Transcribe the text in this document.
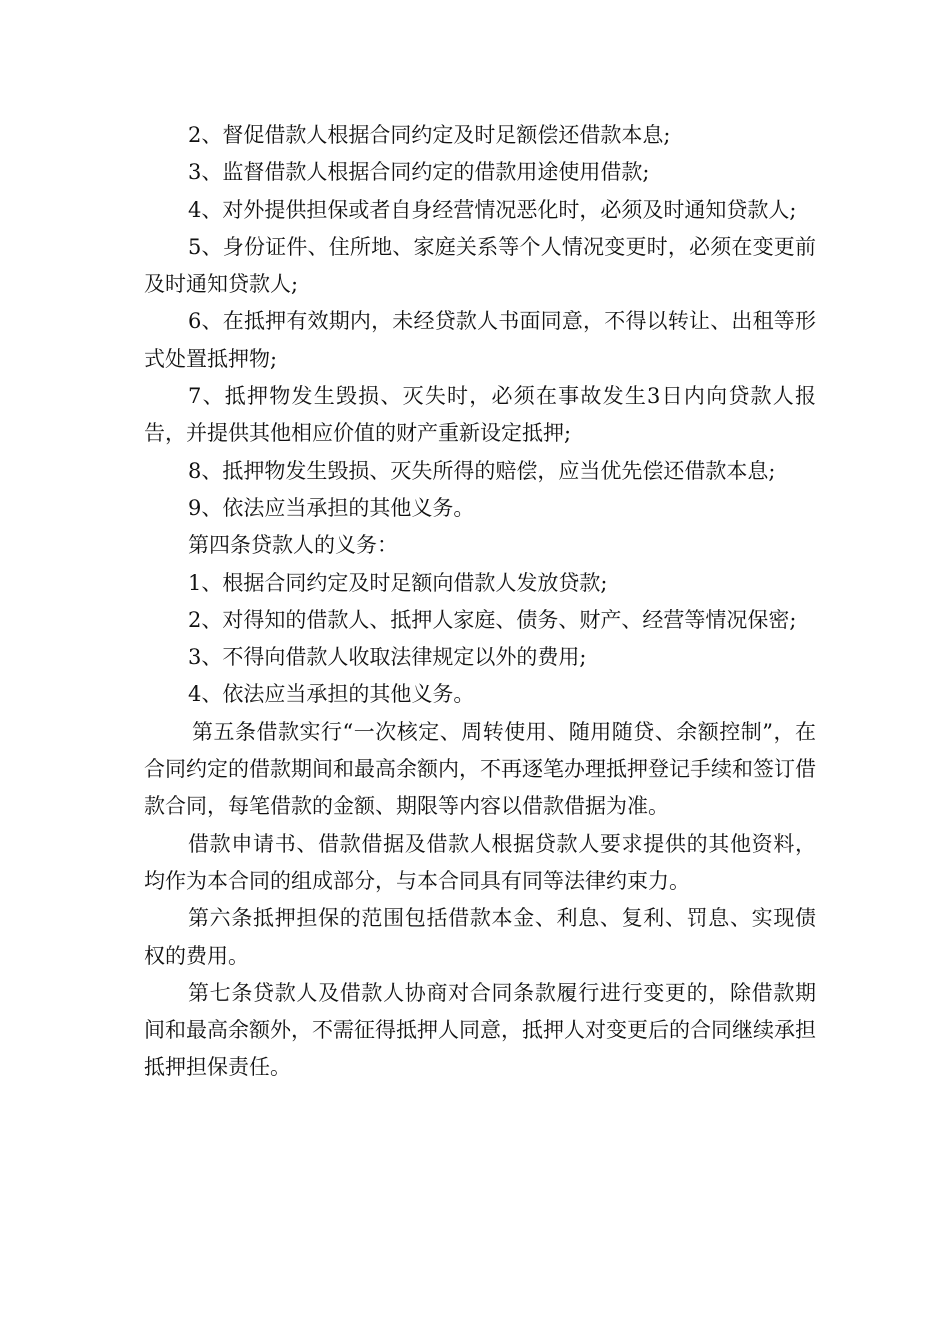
2、督促借款人根据合同约定及时足额偿还借款本息;

3、监督借款人根据合同约定的借款用途使用借款;

4、对外提供担保或者自身经营情况恶化时，必须及时通知贷款人;

5、身份证件、住所地、家庭关系等个人情况变更时，必须在变更前及时通知贷款人;

6、在抵押有效期内，未经贷款人书面同意，不得以转让、出租等形式处置抵押物;

7、抵押物发生毁损、灭失时，必须在事故发生3日内向贷款人报告，并提供其他相应价值的财产重新设定抵押;

8、抵押物发生毁损、灭失所得的赔偿，应当优先偿还借款本息;

9、依法应当承担的其他义务。

第四条贷款人的义务：

1、根据合同约定及时足额向借款人发放贷款;

2、对得知的借款人、抵押人家庭、债务、财产、经营等情况保密;

3、不得向借款人收取法律规定以外的费用;

4、依法应当承担的其他义务。

第五条借款实行“一次核定、周转使用、随用随贷、余额控制”，在合同约定的借款期间和最高余额内，不再逐笔办理抵押登记手续和签订借款合同，每笔借款的金额、期限等内容以借款借据为准。

借款申请书、借款借据及借款人根据贷款人要求提供的其他资料，均作为本合同的组成部分，与本合同具有同等法律约束力。

第六条抵押担保的范围包括借款本金、利息、复利、罚息、实现债权的费用。

第七条贷款人及借款人协商对合同条款履行进行变更的，除借款期间和最高余额外，不需征得抵押人同意，抵押人对变更后的合同继续承担抵押担保责任。
